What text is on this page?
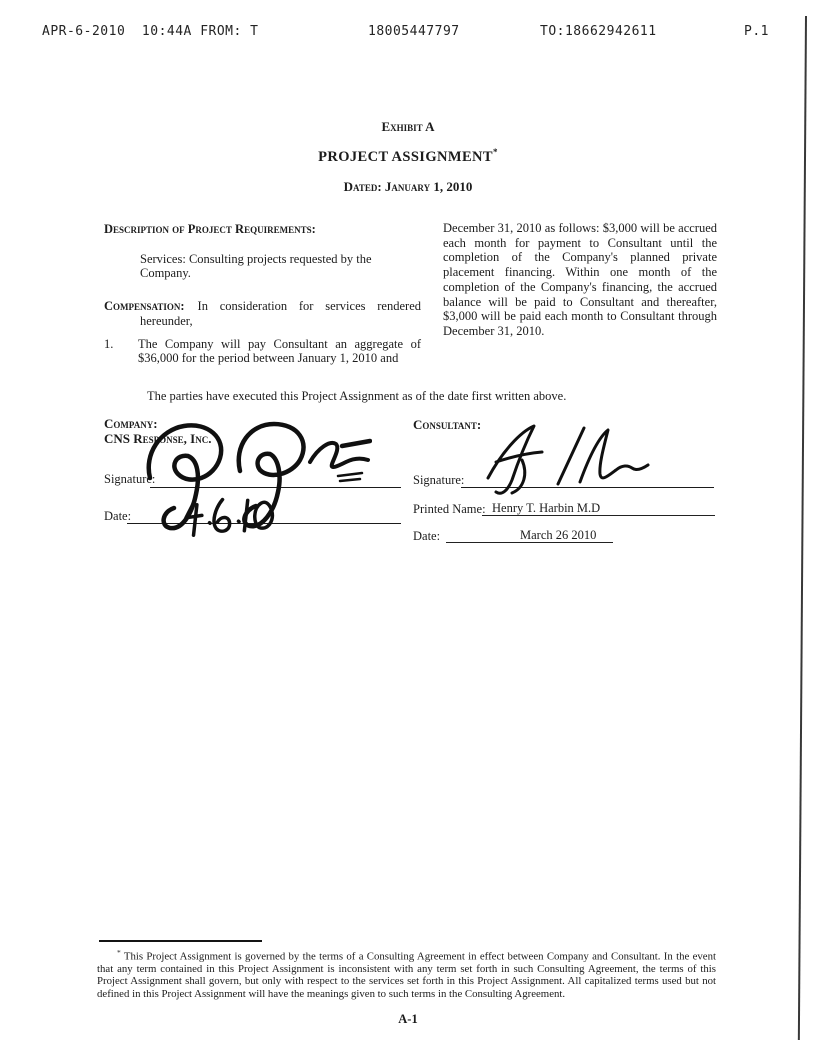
APR-6-2010  10:44A FROM: T	18005447797	TO:18662942611	P.1
Exhibit A
PROJECT ASSIGNMENT*
Dated: January 1, 2010
Description of Project Requirements:

Services: Consulting projects requested by the Company.

Compensation: In consideration for services rendered hereunder,

1.	The Company will pay Consultant an aggregate of $36,000 for the period between January 1, 2010 and
December 31, 2010 as follows: $3,000 will be accrued each month for payment to Consultant until the completion of the Company's planned private placement financing. Within one month of the completion of the Company's financing, the accrued balance will be paid to Consultant and thereafter, $3,000 will be paid each month to Consultant through December 31, 2010.
The parties have executed this Project Assignment as of the date first written above.
Company:
CNS Response, Inc.
Signature:
Date:
Consultant:
Signature:
Printed Name: Henry T. Harbin M.D
Date:	March 26 2010
* This Project Assignment is governed by the terms of a Consulting Agreement in effect between Company and Consultant. In the event that any term contained in this Project Assignment is inconsistent with any term set forth in such Consulting Agreement, the terms of this Project Assignment shall govern, but only with respect to the services set forth in this Project Assignment. All capitalized terms used but not defined in this Project Assignment will have the meanings given to such terms in the Consulting Agreement.
A-1
